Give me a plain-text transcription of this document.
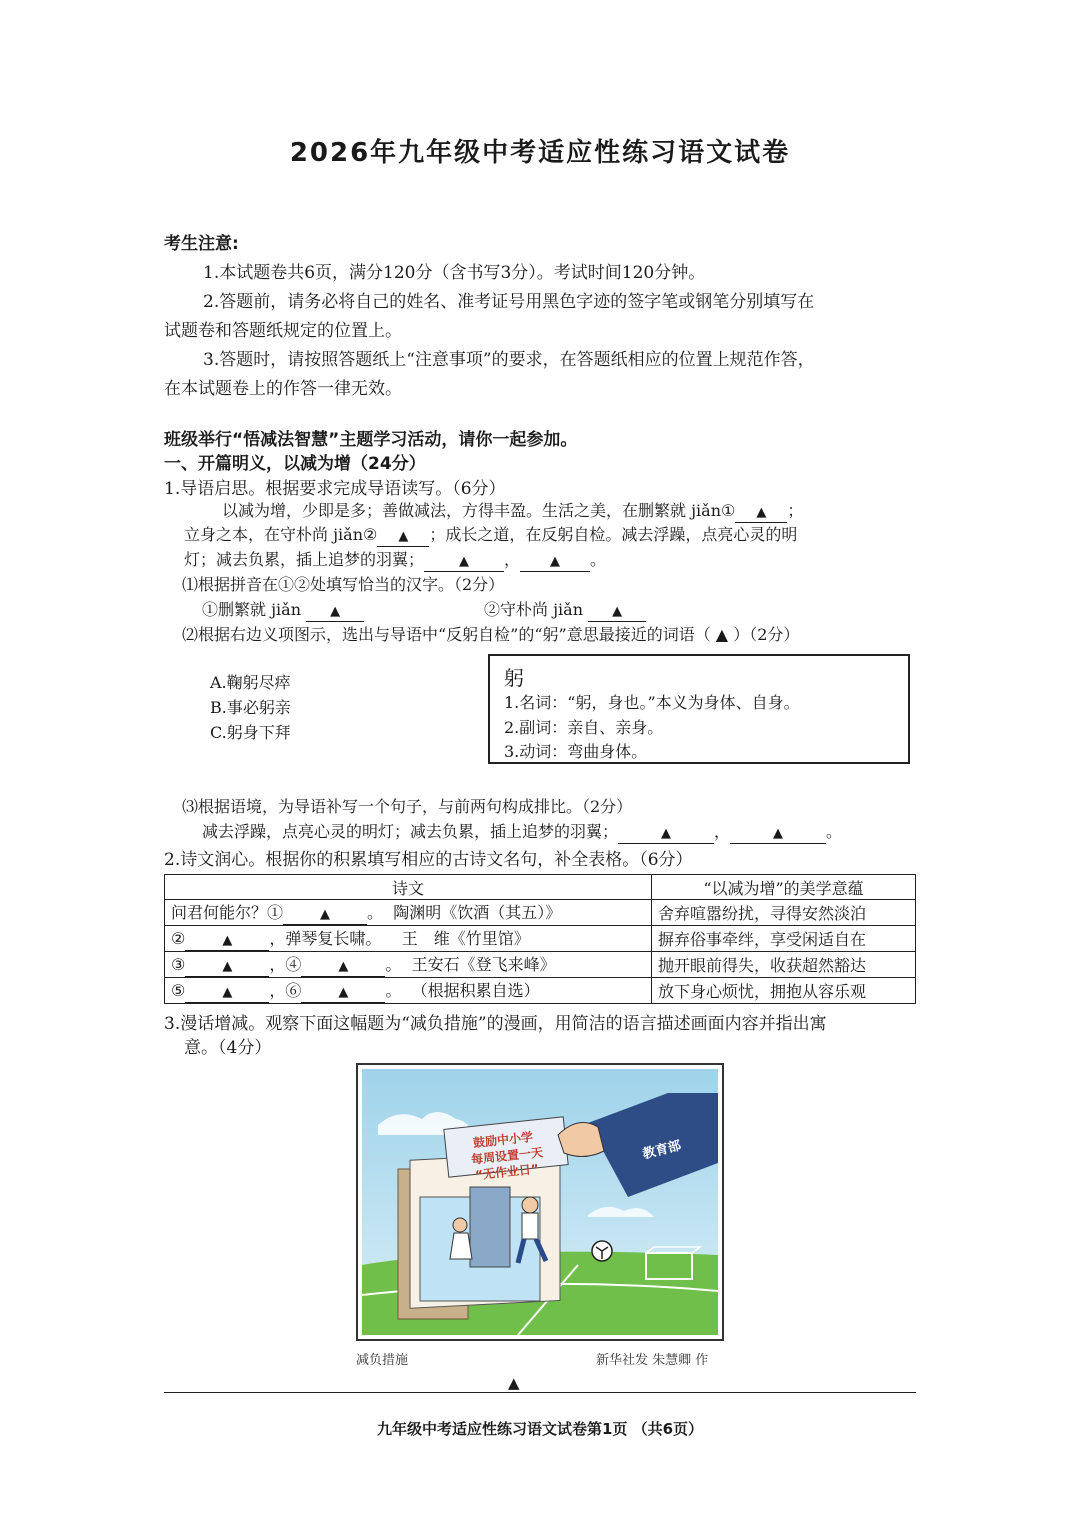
2026年九年级中考适应性练习语文试卷
考生注意:
1.本试题卷共6页，满分120分（含书写3分）。考试时间120分钟。
2.答题前，请务必将自己的姓名、准考证号用黑色字迹的签字笔或钢笔分别填写在
试题卷和答题纸规定的位置上。
3.答题时，请按照答题纸上“注意事项”的要求，在答题纸相应的位置上规范作答，
在本试题卷上的作答一律无效。
班级举行“悟减法智慧”主题学习活动，请你一起参加。
一、开篇明义，以减为增（24分）
1.导语启思。根据要求完成导语读写。（6分）
以减为增，少即是多；善做减法，方得丰盈。生活之美，在删繁就 jiǎn① ▲ ；
立身之本，在守朴尚 jiǎn② ▲ ；成长之道，在反躬自检。减去浮躁，点亮心灵的明
灯；减去负累，插上追梦的羽翼；	▲ ， ▲ 。
⑴根据拼音在①②处填写恰当的汉字。（2分）
①删繁就 jiǎn ▲	②守朴尚 jiǎn ▲
⑵根据右边义项图示，选出与导语中“反躬自检”的“躬”意思最接近的词语（ ▲ ）（2分）
A.鞠躬尽瘁
B.事必躬亲
C.躬身下拜
躬
1.名词：“躬，身也。”本义为身体、自身。
2.副词：亲自、亲身。
3.动词：弯曲身体。
⑶根据语境，为导语补写一个句子，与前两句构成排比。（2分）
减去浮躁，点亮心灵的明灯；减去负累，插上追梦的羽翼；	▲	，	▲	。
2.诗文润心。根据你的积累填写相应的古诗文名句，补全表格。（6分）
诗文	“以减为增”的美学意蕴
问君何能尔？① ▲ 。 陶渊明《饮酒（其五）》	舍弃喧嚣纷扰，寻得安然淡泊
② ▲ ，弹琴复长啸。 王　维《竹里馆》	摒弃俗事牵绊，享受闲适自在
③ ▲ ，④ ▲ 。 王安石《登飞来峰》	抛开眼前得失，收获超然豁达
⑤ ▲ ，⑥ ▲ 。 （根据积累自选）	放下身心烦忧，拥抱从容乐观
3.漫话增减。观察下面这幅题为“减负措施”的漫画，用简洁的语言描述画面内容并指出寓
意。（4分）
鼓励中小学
每周设置一天
“无作业日”
教育部
减负措施	新华社发 朱慧卿 作
▲
九年级中考适应性练习语文试卷第1页 （共6页）
